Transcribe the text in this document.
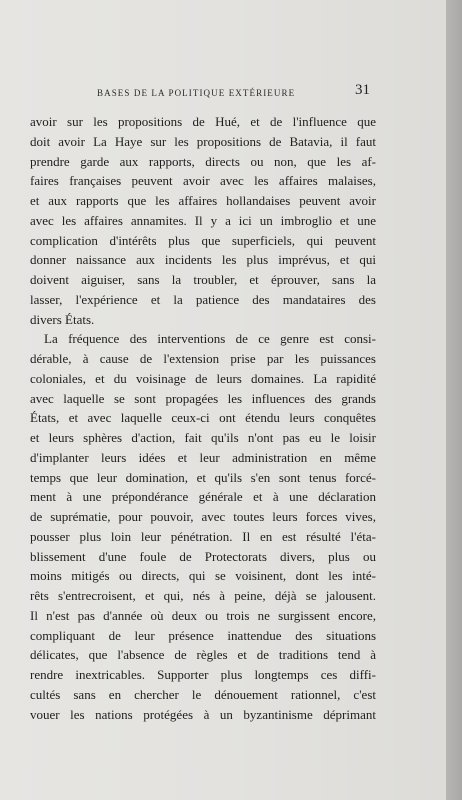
BASES DE LA POLITIQUE EXTÉRIEURE	31
avoir sur les propositions de Hué, et de l'influence que
doit avoir La Haye sur les propositions de Batavia, il faut
prendre garde aux rapports, directs ou non, que les af-
faires françaises peuvent avoir avec les affaires malaises,
et aux rapports que les affaires hollandaises peuvent avoir
avec les affaires annamites. Il y a ici un imbroglio et une
complication d'intérêts plus que superficiels, qui peuvent
donner naissance aux incidents les plus imprévus, et qui
doivent aiguiser, sans la troubler, et éprouver, sans la
lasser, l'expérience et la patience des mandataires des
divers États.
La fréquence des interventions de ce genre est consi-
dérable, à cause de l'extension prise par les puissances
coloniales, et du voisinage de leurs domaines. La rapidité
avec laquelle se sont propagées les influences des grands
États, et avec laquelle ceux-ci ont étendu leurs conquêtes
et leurs sphères d'action, fait qu'ils n'ont pas eu le loisir
d'implanter leurs idées et leur administration en même
temps que leur domination, et qu'ils s'en sont tenus forcé-
ment à une prépondérance générale et à une déclaration
de suprématie, pour pouvoir, avec toutes leurs forces vives,
pousser plus loin leur pénétration. Il en est résulté l'éta-
blissement d'une foule de Protectorats divers, plus ou
moins mitigés ou directs, qui se voisinent, dont les inté-
rêts s'entrecroisent, et qui, nés à peine, déjà se jalousent.
Il n'est pas d'année où deux ou trois ne surgissent encore,
compliquant de leur présence inattendue des situations
délicates, que l'absence de règles et de traditions tend à
rendre inextricables. Supporter plus longtemps ces diffi-
cultés sans en chercher le dénouement rationnel, c'est
vouer les nations protégées à un byzantinisme déprimant
